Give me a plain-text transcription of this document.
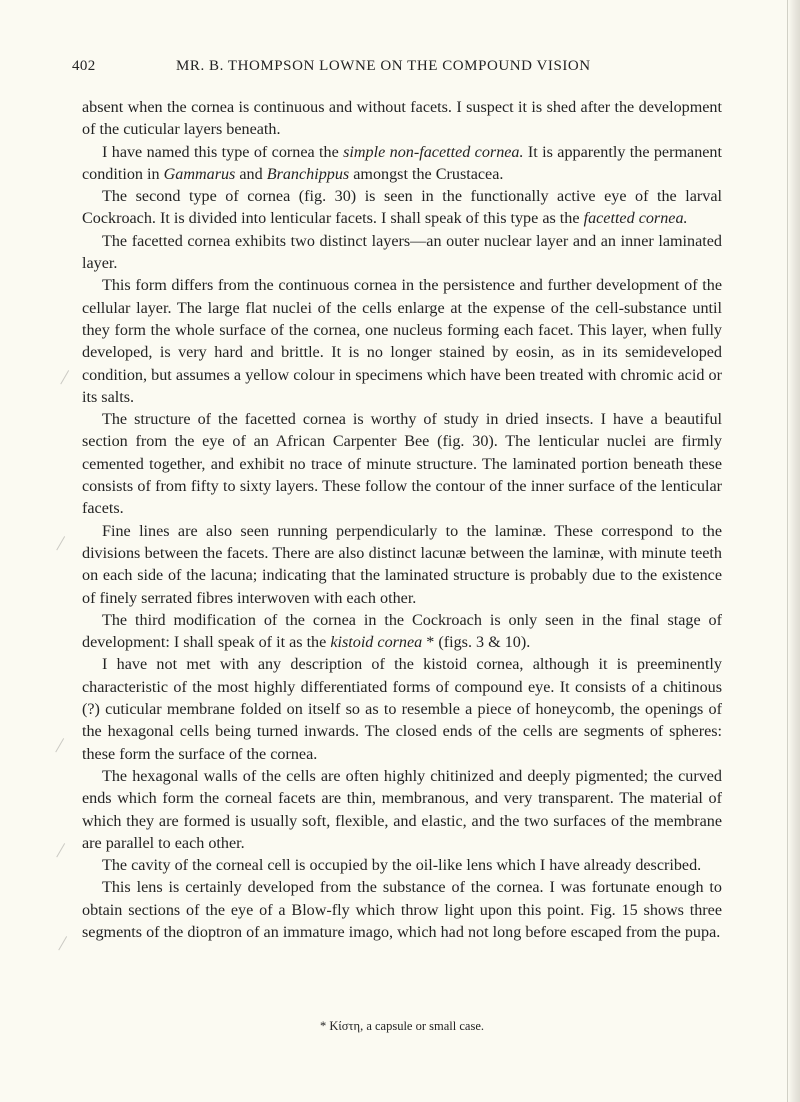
402	MR. B. THOMPSON LOWNE ON THE COMPOUND VISION

absent when the cornea is continuous and without facets. I suspect it is shed after the development of the cuticular layers beneath.

I have named this type of cornea the simple non-facetted cornea. It is apparently the permanent condition in Gammarus and Branchippus amongst the Crustacea.

The second type of cornea (fig. 30) is seen in the functionally active eye of the larval Cockroach. It is divided into lenticular facets. I shall speak of this type as the facetted cornea.

The facetted cornea exhibits two distinct layers—an outer nuclear layer and an inner laminated layer.

This form differs from the continuous cornea in the persistence and further development of the cellular layer. The large flat nuclei of the cells enlarge at the expense of the cell-substance until they form the whole surface of the cornea, one nucleus forming each facet. This layer, when fully developed, is very hard and brittle. It is no longer stained by eosin, as in its semideveloped condition, but assumes a yellow colour in specimens which have been treated with chromic acid or its salts.

The structure of the facetted cornea is worthy of study in dried insects. I have a beautiful section from the eye of an African Carpenter Bee (fig. 30). The lenticular nuclei are firmly cemented together, and exhibit no trace of minute structure. The laminated portion beneath these consists of from fifty to sixty layers. These follow the contour of the inner surface of the lenticular facets.

Fine lines are also seen running perpendicularly to the laminæ. These correspond to the divisions between the facets. There are also distinct lacunæ between the laminæ, with minute teeth on each side of the lacuna; indicating that the laminated structure is probably due to the existence of finely serrated fibres interwoven with each other.

The third modification of the cornea in the Cockroach is only seen in the final stage of development: I shall speak of it as the kistoid cornea * (figs. 3 & 10).

I have not met with any description of the kistoid cornea, although it is preeminently characteristic of the most highly differentiated forms of compound eye. It consists of a chitinous (?) cuticular membrane folded on itself so as to resemble a piece of honeycomb, the openings of the hexagonal cells being turned inwards. The closed ends of the cells are segments of spheres: these form the surface of the cornea.

The hexagonal walls of the cells are often highly chitinized and deeply pigmented; the curved ends which form the corneal facets are thin, membranous, and very transparent. The material of which they are formed is usually soft, flexible, and elastic, and the two surfaces of the membrane are parallel to each other.

The cavity of the corneal cell is occupied by the oil-like lens which I have already described.

This lens is certainly developed from the substance of the cornea. I was fortunate enough to obtain sections of the eye of a Blow-fly which throw light upon this point. Fig. 15 shows three segments of the dioptron of an immature imago, which had not long before escaped from the pupa.

* Κίστη, a capsule or small case.
